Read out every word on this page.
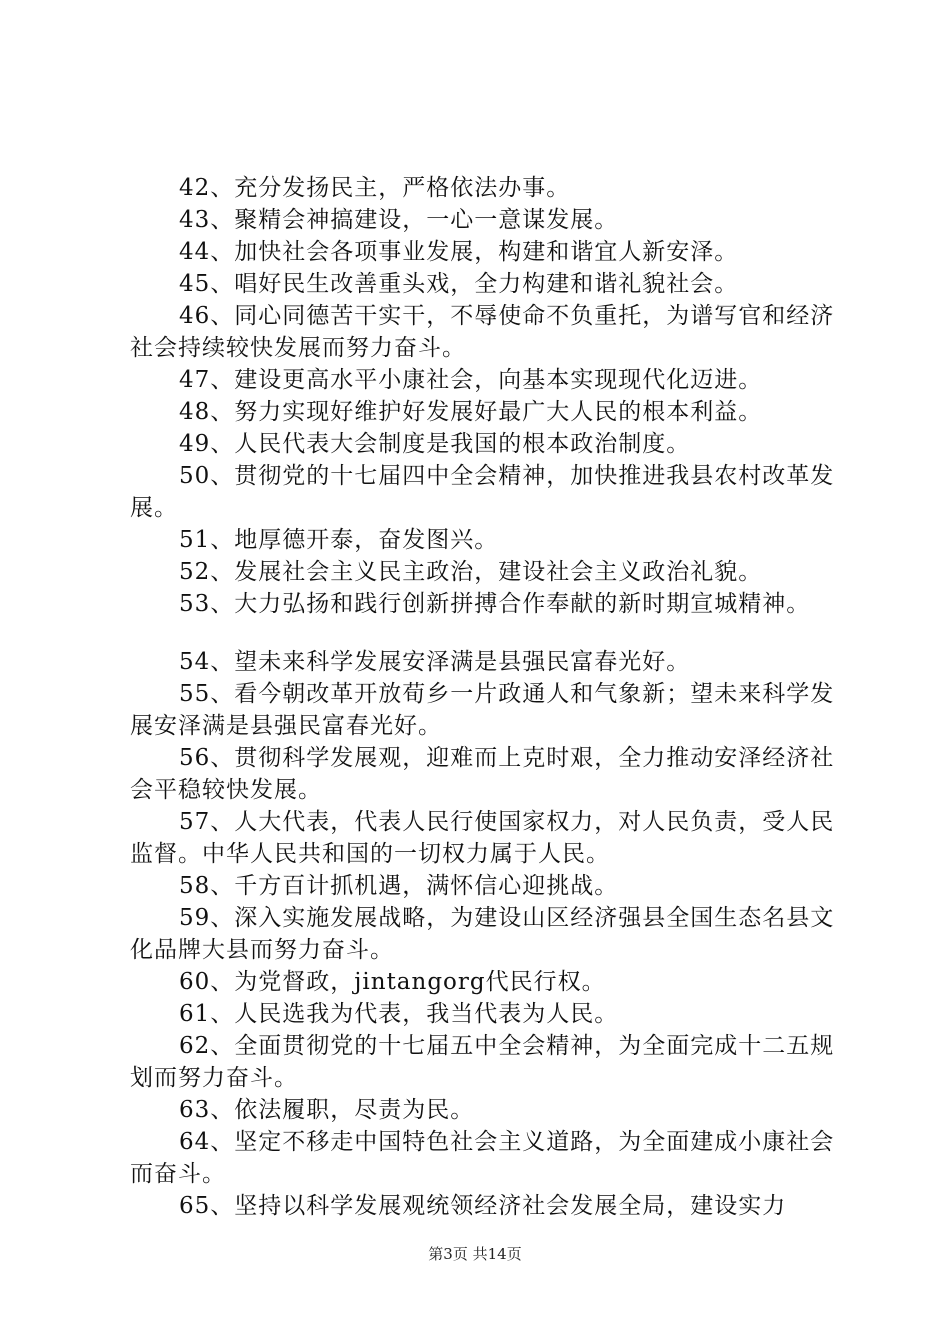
42、充分发扬民主，严格依法办事。

43、聚精会神搞建设，一心一意谋发展。

44、加快社会各项事业发展，构建和谐宜人新安泽。

45、唱好民生改善重头戏，全力构建和谐礼貌社会。

46、同心同德苦干实干，不辱使命不负重托，为谱写官和经济社会持续较快发展而努力奋斗。

47、建设更高水平小康社会，向基本实现现代化迈进。

48、努力实现好维护好发展好最广大人民的根本利益。

49、人民代表大会制度是我国的根本政治制度。

50、贯彻党的十七届四中全会精神，加快推进我县农村改革发展。

51、地厚德开泰，奋发图兴。

52、发展社会主义民主政治，建设社会主义政治礼貌。

53、大力弘扬和践行创新拼搏合作奉献的新时期宣城精神。

54、望未来科学发展安泽满是县强民富春光好。

55、看今朝改革开放荀乡一片政通人和气象新；望未来科学发展安泽满是县强民富春光好。

56、贯彻科学发展观，迎难而上克时艰，全力推动安泽经济社会平稳较快发展。

57、人大代表，代表人民行使国家权力，对人民负责，受人民监督。中华人民共和国的一切权力属于人民。

58、千方百计抓机遇，满怀信心迎挑战。

59、深入实施发展战略，为建设山区经济强县全国生态名县文化品牌大县而努力奋斗。

60、为党督政，jintangorg代民行权。

61、人民选我为代表，我当代表为人民。

62、全面贯彻党的十七届五中全会精神，为全面完成十二五规划而努力奋斗。

63、依法履职，尽责为民。

64、坚定不移走中国特色社会主义道路，为全面建成小康社会而奋斗。

65、坚持以科学发展观统领经济社会发展全局，建设实力

第3页 共14页
